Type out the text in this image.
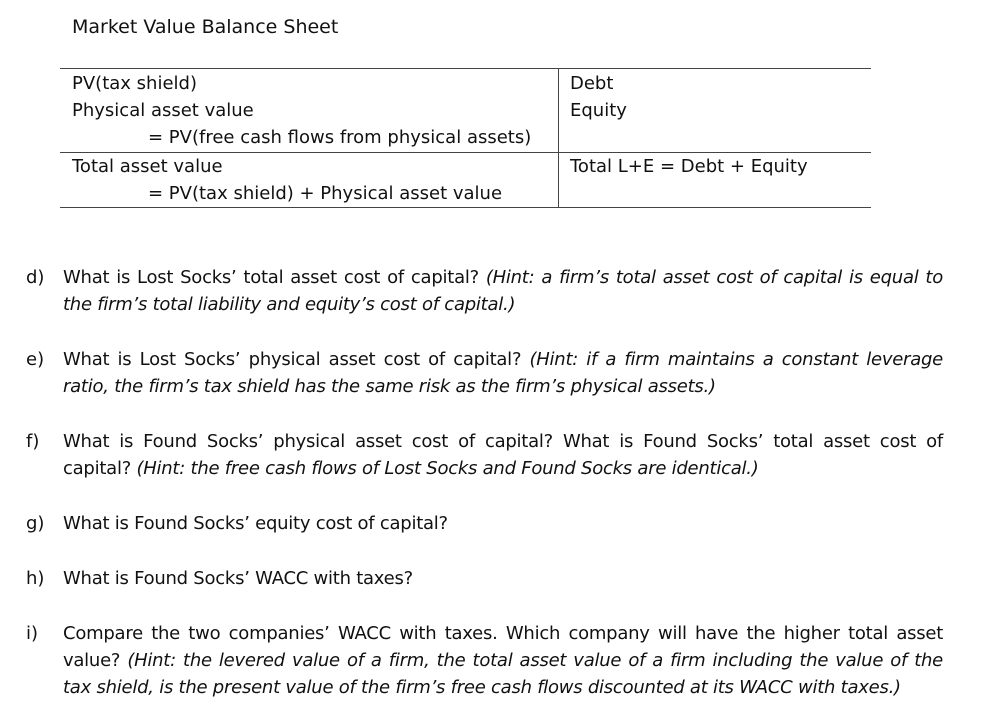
Market Value Balance Sheet
PV(tax shield)
Physical asset value
= PV(free cash flows from physical assets)
Total asset value
= PV(tax shield) + Physical asset value
Debt
Equity
Total L+E = Debt + Equity
d) What is Lost Socks’ total asset cost of capital? (Hint: a firm’s total asset cost of capital is equal to the firm’s total liability and equity’s cost of capital.)
e) What is Lost Socks’ physical asset cost of capital? (Hint: if a firm maintains a constant leverage ratio, the firm’s tax shield has the same risk as the firm’s physical assets.)
f) What is Found Socks’ physical asset cost of capital? What is Found Socks’ total asset cost of capital? (Hint: the free cash flows of Lost Socks and Found Socks are identical.)
g) What is Found Socks’ equity cost of capital?
h) What is Found Socks’ WACC with taxes?
i) Compare the two companies’ WACC with taxes. Which company will have the higher total asset value? (Hint: the levered value of a firm, the total asset value of a firm including the value of the tax shield, is the present value of the firm’s free cash flows discounted at its WACC with taxes.)
